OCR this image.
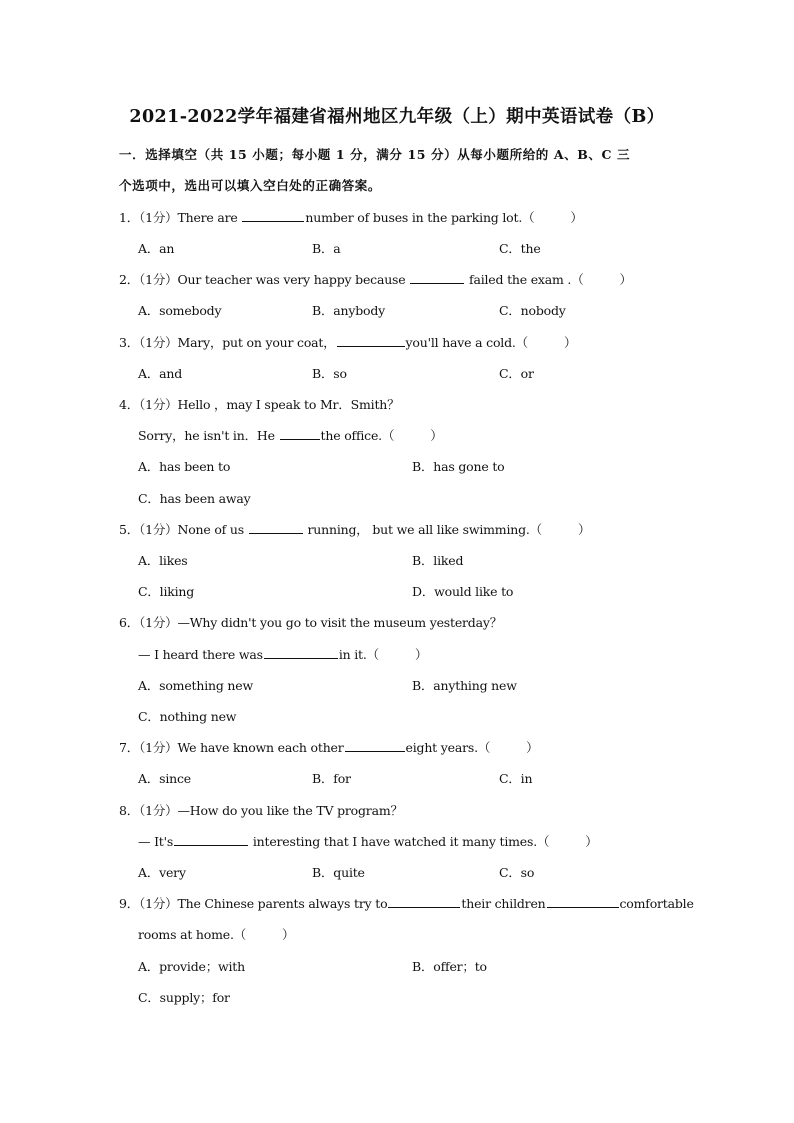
2021-2022学年福建省福州地区九年级（上）期中英语试卷（B）
一．选择填空（共 15 小题；每小题 1 分，满分 15 分）从每小题所给的 A、B、C 三
个选项中，选出可以填入空白处的正确答案。
1．（1分）There are	number of buses in the parking lot.（	）
A．an	B．a	C．the
2．（1分）Our teacher was very happy because	failed the exam .（	）
A．somebody	B．anybody	C．nobody
3．（1分）Mary，put on your coat，	you'll have a cold.（	）
A．and	B．so	C．or
4．（1分）Hello ，may I speak to Mr．Smith？
Sorry，he isn't in．He	the office.（	）
A．has been to	B．has gone to
C．has been away
5．（1分）None of us	running， but we all like swimming.（	）
A．likes	B．liked
C．liking	D．would like to
6．（1分）—Why didn't you go to visit the museum yesterday？
— I heard there was	in it.（	）
A．something new	B．anything new
C．nothing new
7．（1分）We have known each other	eight years.（	）
A．since	B．for	C．in
8．（1分）—How do you like the TV program？
— It's	interesting that I have watched it many times.（	）
A．very	B．quite	C．so
9．（1分）The Chinese parents always try to	their children	comfortable
rooms at home.（	）
A．provide；with	B．offer；to
C．supply；for
